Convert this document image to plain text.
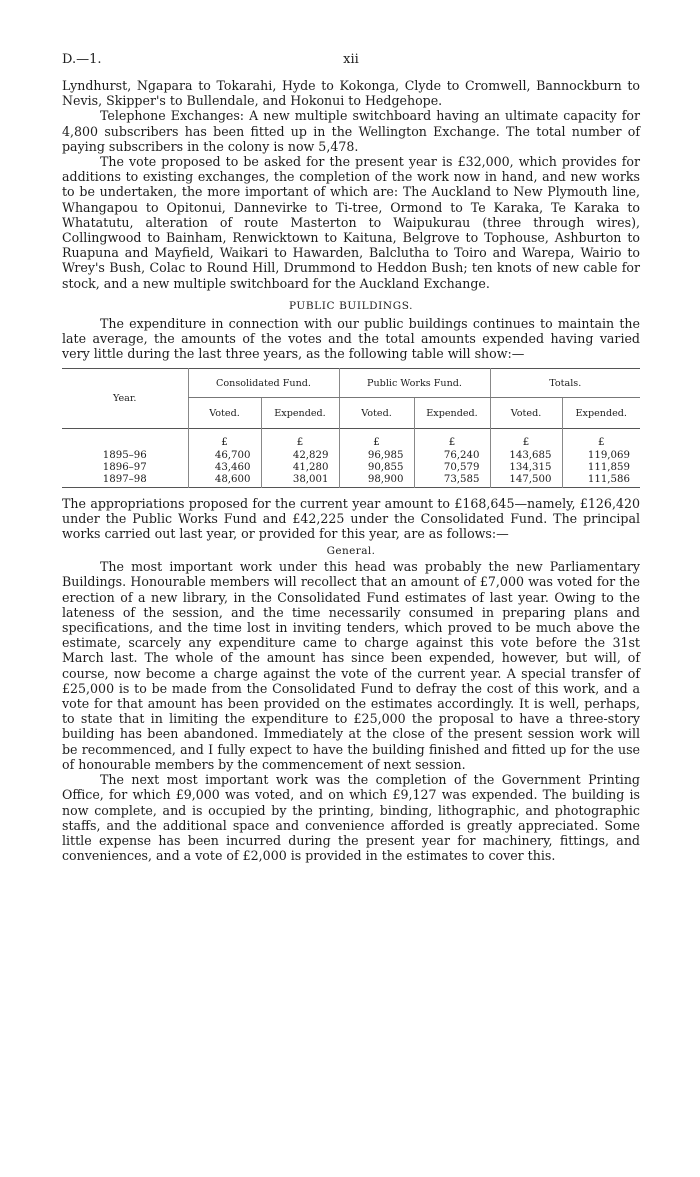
D.—1.	xii

Lyndhurst, Ngapara to Tokarahi, Hyde to Kokonga, Clyde to Cromwell, Bannockburn to Nevis, Skipper's to Bullendale, and Hokonui to Hedgehope.

Telephone Exchanges: A new multiple switchboard having an ultimate capacity for 4,800 subscribers has been fitted up in the Wellington Exchange. The total number of paying subscribers in the colony is now 5,478.

The vote proposed to be asked for the present year is £32,000, which provides for additions to existing exchanges, the completion of the work now in hand, and new works to be undertaken, the more important of which are: The Auckland to New Plymouth line, Whangapou to Opitonui, Dannevirke to Ti-tree, Ormond to Te Karaka, Te Karaka to Whatatutu, alteration of route Masterton to Waipukurau (three through wires), Collingwood to Bainham, Renwicktown to Kaituna, Belgrove to Tophouse, Ashburton to Ruapuna and Mayfield, Waikari to Hawarden, Balclutha to Toiro and Warepa, Wairio to Wrey's Bush, Colac to Round Hill, Drummond to Heddon Bush; ten knots of new cable for stock, and a new multiple switchboard for the Auckland Exchange.

PUBLIC BUILDINGS.

The expenditure in connection with our public buildings continues to maintain the late average, the amounts of the votes and the total amounts expended having varied very little during the last three years, as the following table will show:—

Year.	Consolidated Fund.		Public Works Fund.		Totals.	
	Voted.	Expended.	Voted.	Expended.	Voted.	Expended.

	£	£	£	£	£	£
1895–96	46,700	42,829	96,985	76,240	143,685	119,069
1896–97	43,460	41,280	90,855	70,579	134,315	111,859
1897–98	48,600	38,001	98,900	73,585	147,500	111,586

The appropriations proposed for the current year amount to £168,645—namely, £126,420 under the Public Works Fund and £42,225 under the Consolidated Fund. The principal works carried out last year, or provided for this year, are as follows:—

General.

The most important work under this head was probably the new Parliamentary Buildings. Honourable members will recollect that an amount of £7,000 was voted for the erection of a new library, in the Consolidated Fund estimates of last year. Owing to the lateness of the session, and the time necessarily consumed in preparing plans and specifications, and the time lost in inviting tenders, which proved to be much above the estimate, scarcely any expenditure came to charge against this vote before the 31st March last. The whole of the amount has since been expended, however, but will, of course, now become a charge against the vote of the current year. A special transfer of £25,000 is to be made from the Consolidated Fund to defray the cost of this work, and a vote for that amount has been provided on the estimates accordingly. It is well, perhaps, to state that in limiting the expenditure to £25,000 the proposal to have a three-story building has been abandoned. Immediately at the close of the present session work will be recommenced, and I fully expect to have the building finished and fitted up for the use of honourable members by the commencement of next session.

The next most important work was the completion of the Government Printing Office, for which £9,000 was voted, and on which £9,127 was expended. The building is now complete, and is occupied by the printing, binding, lithographic, and photographic staffs, and the additional space and convenience afforded is greatly appreciated. Some little expense has been incurred during the present year for machinery, fittings, and conveniences, and a vote of £2,000 is provided in the estimates to cover this.
